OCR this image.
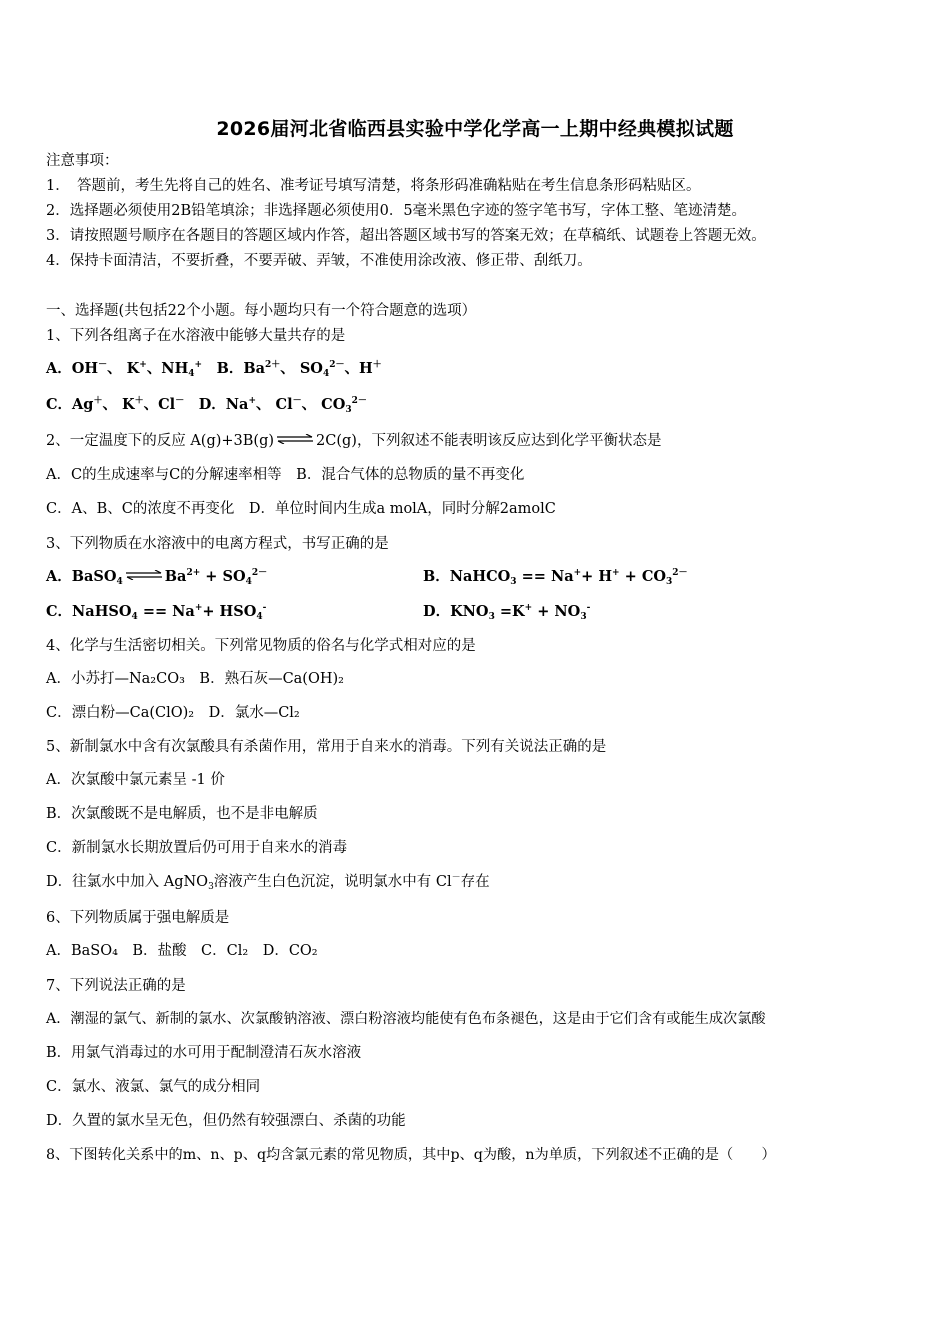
2026届河北省临西县实验中学化学高一上期中经典模拟试题
注意事项：
1．　答题前，考生先将自己的姓名、准考证号填写清楚，将条形码准确粘贴在考生信息条形码粘贴区。
2．选择题必须使用2B铅笔填涂；非选择题必须使用0．5毫米黑色字迹的签字笔书写，字体工整、笔迹清楚。
3．请按照题号顺序在各题目的答题区域内作答，超出答题区域书写的答案无效；在草稿纸、试题卷上答题无效。
4．保持卡面清洁，不要折叠，不要弄破、弄皱，不准使用涂改液、修正带、刮纸刀。
一、选择题(共包括22个小题。每小题均只有一个符合题意的选项）
1、下列各组离子在水溶液中能够大量共存的是
A．OH－、 K+、$NH_4^+$　 B．$Ba^{2+}$、 $SO_4^{2-}$、H＋
C．Ag＋、 K＋、Cl－　 D．Na+、 Cl－、 $CO_3^{2-}$
2、一定温度下的反应 A(g)+3B(g) ⇌ 2C(g)，下列叙述不能表明该反应达到化学平衡状态是
A．C的生成速率与C的分解速率相等　B．混合气体的总物质的量不再变化
C．A、B、C的浓度不再变化　D．单位时间内生成a molA，同时分解2amolC
3、下列物质在水溶液中的电离方程式，书写正确的是
A．BaSO$_4$ ⇌ $Ba^{2+} + SO_4^{2-}$	B．NaHCO$_3$ == $Na^++ H^+ + CO_3^{2-}$
C．NaHSO$_4$ == $Na^++ HSO_4^-$	D．$KNO_3 =K^+ + NO_3^-$
4、化学与生活密切相关。下列常见物质的俗名与化学式相对应的是
A．小苏打—Na₂CO₃　B．熟石灰—Ca(OH)₂
C．漂白粉—Ca(ClO)₂　D．氯水—Cl₂
5、新制氯水中含有次氯酸具有杀菌作用，常用于自来水的消毒。下列有关说法正确的是
A．次氯酸中氯元素呈 -1 价
B．次氯酸既不是电解质，也不是非电解质
C．新制氯水长期放置后仍可用于自来水的消毒
D．往氯水中加入 AgNO$_3$溶液产生白色沉淀，说明氯水中有 Cl－存在
6、下列物质属于强电解质是
A．BaSO₄　B．盐酸　C．Cl₂　D．CO₂
7、下列说法正确的是
A．潮湿的氯气、新制的氯水、次氯酸钠溶液、漂白粉溶液均能使有色布条褪色，这是由于它们含有或能生成次氯酸
B．用氯气消毒过的水可用于配制澄清石灰水溶液
C．氯水、液氯、氯气的成分相同
D．久置的氯水呈无色，但仍然有较强漂白、杀菌的功能
8、下图转化关系中的m、n、p、q均含氯元素的常见物质，其中p、q为酸，n为单质，下列叙述不正确的是（　　）
